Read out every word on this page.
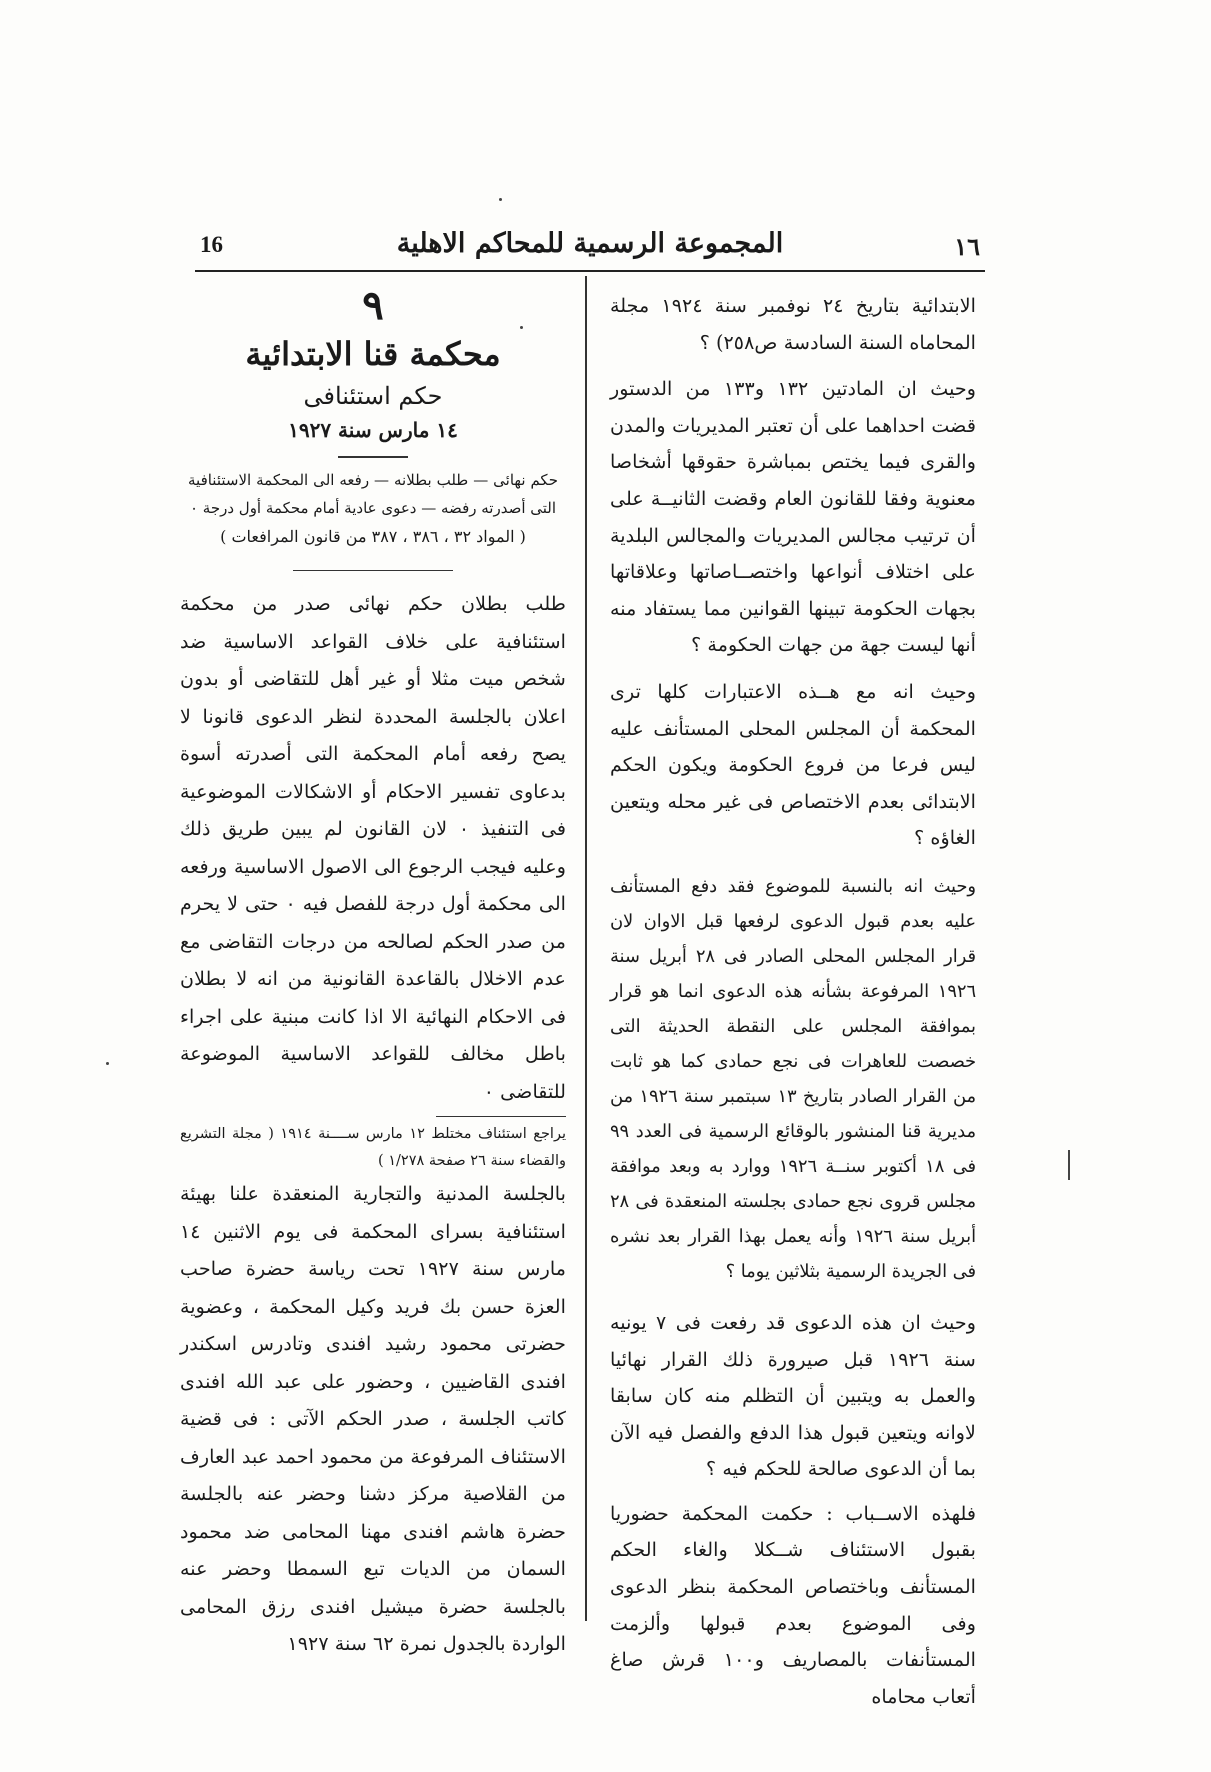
١٦
المجموعة الرسمية للمحاكم الاهلية
16

الابتدائية بتاريخ ٢٤ نوفمبر سنة ١٩٢٤ مجلة المحاماه السنة السادسة ص٢٥٨) ؟

وحيث ان المادتين ١٣٢ و١٣٣ من الدستور قضت احداهما على أن تعتبر المديريات والمدن والقرى فيما يختص بمباشرة حقوقها أشخاصا معنوية وفقا للقانون العام وقضت الثانيــة على أن ترتيب مجالس المديريات والمجالس البلدية على اختلاف أنواعها واختصــاصاتها وعلاقاتها بجهات الحكومة تبينها القوانين مما يستفاد منه أنها ليست جهة من جهات الحكومة ؟

وحيث انه مع هــذه الاعتبارات كلها ترى المحكمة أن المجلس المحلى المستأنف عليه ليس فرعا من فروع الحكومة ويكون الحكم الابتدائى بعدم الاختصاص فى غير محله ويتعين الغاؤه ؟

وحيث انه بالنسبة للموضوع فقد دفع المستأنف عليه بعدم قبول الدعوى لرفعها قبل الاوان لان قرار المجلس المحلى الصادر فى ٢٨ أبريل سنة ١٩٢٦ المرفوعة بشأنه هذه الدعوى انما هو قرار بموافقة المجلس على النقطة الحديثة التى خصصت للعاهرات فى نجع حمادى كما هو ثابت من القرار الصادر بتاريخ ١٣ سبتمبر سنة ١٩٢٦ من مديرية قنا المنشور بالوقائع الرسمية فى العدد ٩٩ فى ١٨ أكتوبر سنــة ١٩٢٦ ووارد به وبعد موافقة مجلس قروى نجع حمادى بجلسته المنعقدة فى ٢٨ أبريل سنة ١٩٢٦ وأنه يعمل بهذا القرار بعد نشره فى الجريدة الرسمية بثلاثين يوما ؟

وحيث ان هذه الدعوى قد رفعت فى ٧ يونيه سنة ١٩٢٦ قبل صيرورة ذلك القرار نهائيا والعمل به ويتبين أن التظلم منه كان سابقا لاوانه ويتعين قبول هذا الدفع والفصل فيه الآن بما أن الدعوى صالحة للحكم فيه ؟

فلهذه الاســباب : حكمت المحكمة حضوريا بقبول الاستئناف شــكلا والغاء الحكم المستأنف وباختصاص المحكمة بنظر الدعوى وفى الموضوع بعدم قبولها وألزمت المستأنفات بالمصاريف و١٠٠ قرش صاغ أتعاب محاماه

٩
محكمة قنا الابتدائية
حكم استئنافى
١٤ مارس سنة ١٩٢٧
حكم نهائى — طلب بطلانه — رفعه الى المحكمة الاستئنافية التى أصدرته رفضه — دعوى عادية أمام محكمة أول درجة ٠
( المواد ٣٢ ، ٣٨٦ ، ٣٨٧ من قانون المرافعات )

طلب بطلان حكم نهائى صدر من محكمة استئنافية على خلاف القواعد الاساسية ضد شخص ميت مثلا أو غير أهل للتقاضى أو بدون اعلان بالجلسة المحددة لنظر الدعوى قانونا لا يصح رفعه أمام المحكمة التى أصدرته أسوة بدعاوى تفسير الاحكام أو الاشكالات الموضوعية فى التنفيذ ٠ لان القانون لم يبين طريق ذلك وعليه فيجب الرجوع الى الاصول الاساسية ورفعه الى محكمة أول درجة للفصل فيه ٠ حتى لا يحرم من صدر الحكم لصالحه من درجات التقاضى مع عدم الاخلال بالقاعدة القانونية من انه لا بطلان فى الاحكام النهائية الا اذا كانت مبنية على اجراء باطل مخالف للقواعد الاساسية الموضوعة للتقاضى ٠

يراجع استئناف مختلط ١٢ مارس ســــنة ١٩١٤ ( مجلة التشريع والقضاء سنة ٢٦ صفحة ١/٢٧٨ )

بالجلسة المدنية والتجارية المنعقدة علنا بهيئة استئنافية بسراى المحكمة فى يوم الاثنين ١٤ مارس سنة ١٩٢٧ تحت رياسة حضرة صاحب العزة حسن بك فريد وكيل المحكمة ، وعضوية حضرتى محمود رشيد افندى وتادرس اسكندر افندى القاضيين ، وحضور على عبد الله افندى كاتب الجلسة ، صدر الحكم الآتى : فى قضية الاستئناف المرفوعة من محمود احمد عبد العارف من القلاصية مركز دشنا وحضر عنه بالجلسة حضرة هاشم افندى مهنا المحامى ضد محمود السمان من الديات تبع السمطا وحضر عنه بالجلسة حضرة ميشيل افندى رزق المحامى الواردة بالجدول نمرة ٦٢ سنة ١٩٢٧
